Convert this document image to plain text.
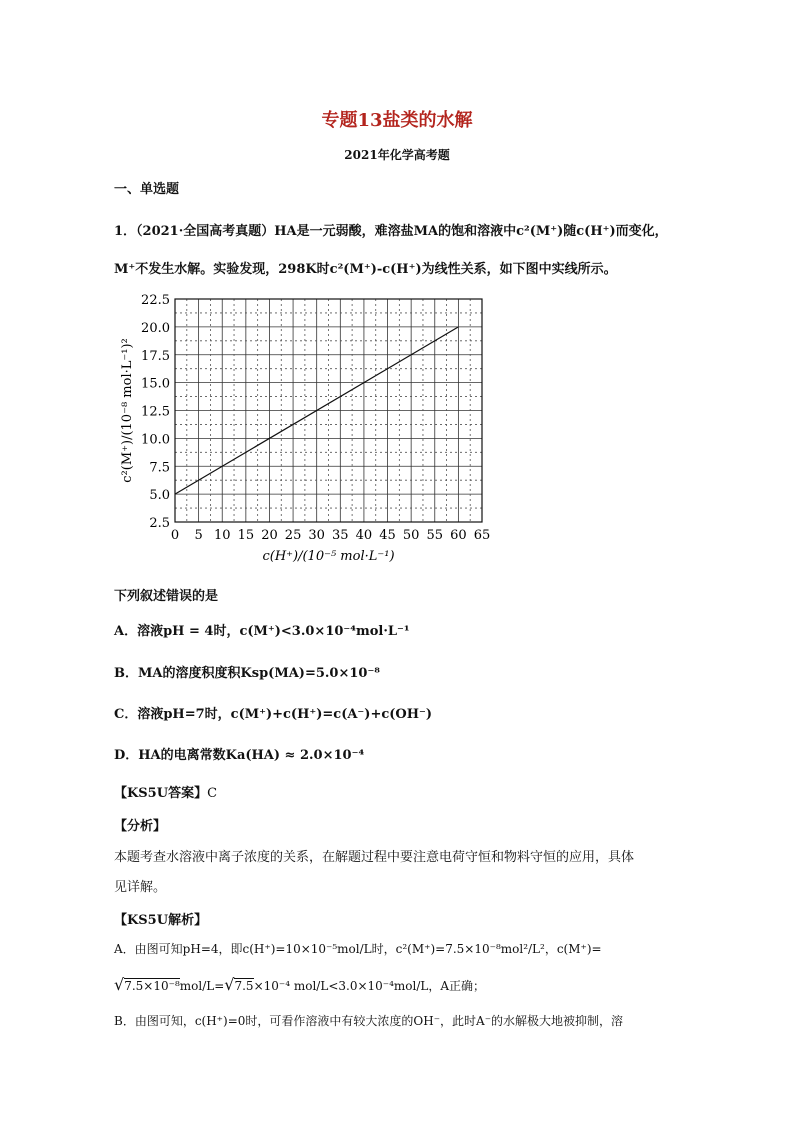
专题13盐类的水解
2021年化学高考题
一、单选题
1．（2021·全国高考真题）HA是一元弱酸，难溶盐MA的饱和溶液中c²(M⁺)随c(H⁺)而变化，
M⁺不发生水解。实验发现，298K时c²(M⁺)-c(H⁺)为线性关系，如下图中实线所示。
0 5 10 15 20 25 30 35 40 45 50 55 60 65
2.5
5.0
7.5
10.0
12.5
15.0
17.5
20.0
22.5
c(H⁺)/(10⁻⁵ mol·L⁻¹)
c²(M⁺)/(10⁻⁸ mol·L⁻¹)²
下列叙述错误的是
A．溶液pH = 4时，c(M⁺)<3.0×10⁻⁴mol·L⁻¹
B．MA的溶度积度积Ksp(MA)=5.0×10⁻⁸
C．溶液pH=7时，c(M⁺)+c(H⁺)=c(A⁻)+c(OH⁻)
D．HA的电离常数Ka(HA) ≈ 2.0×10⁻⁴
【KS5U答案】C
【分析】
本题考查水溶液中离子浓度的关系，在解题过程中要注意电荷守恒和物料守恒的应用，具体
见详解。
【KS5U解析】
A．由图可知pH=4，即c(H⁺)=10×10⁻⁵mol/L时，c²(M⁺)=7.5×10⁻⁸mol²/L²，c(M⁺)=
√7.5×10⁻⁸mol/L=√7.5×10⁻⁴ mol/L<3.0×10⁻⁴mol/L，A正确；
B．由图可知，c(H⁺)=0时，可看作溶液中有较大浓度的OH⁻，此时A⁻的水解极大地被抑制，溶
